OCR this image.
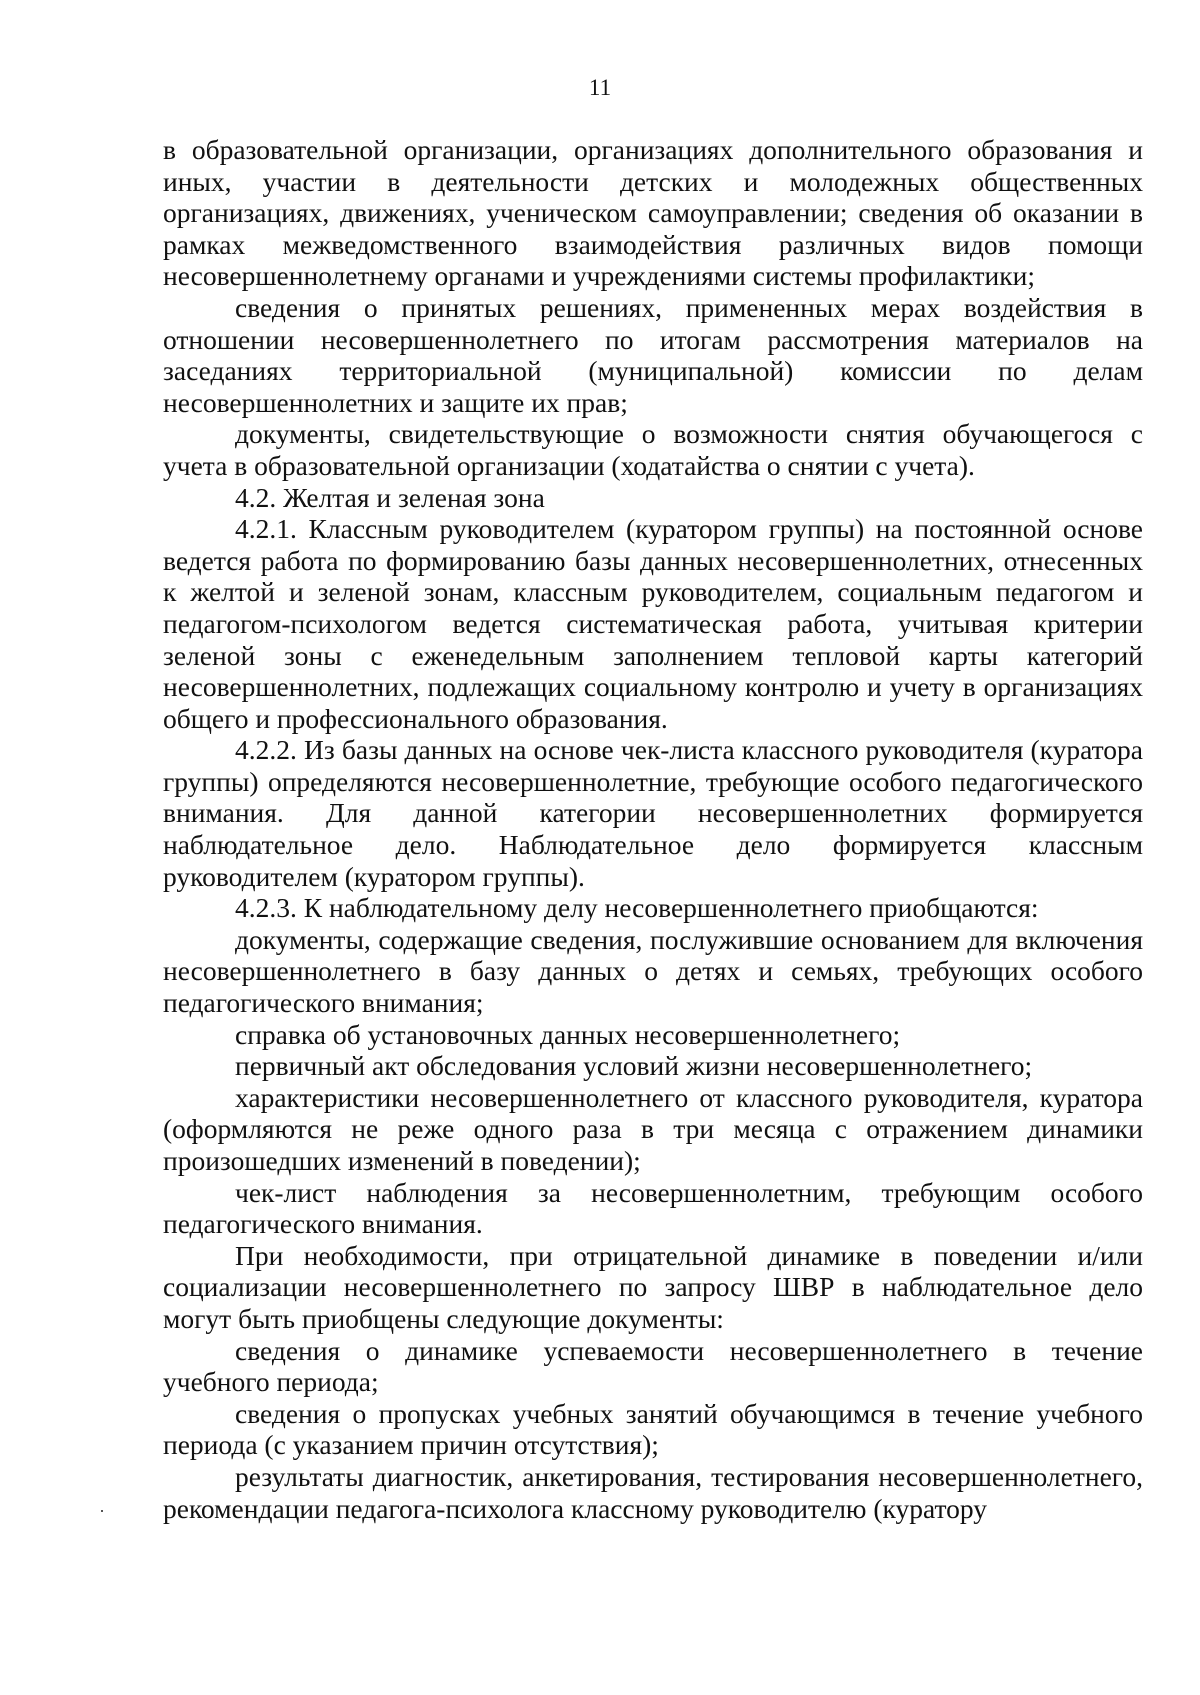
11

в образовательной организации, организациях дополнительного образования и иных, участии в деятельности детских и молодежных общественных организациях, движениях, ученическом самоуправлении; сведения об оказании в рамках межведомственного взаимодействия различных видов помощи несовершеннолетнему органами и учреждениями системы профилактики;

сведения о принятых решениях, примененных мерах воздействия в отношении несовершеннолетнего по итогам рассмотрения материалов на заседаниях территориальной (муниципальной) комиссии по делам несовершеннолетних и защите их прав;

документы, свидетельствующие о возможности снятия обучающегося с учета в образовательной организации (ходатайства о снятии с учета).

4.2. Желтая и зеленая зона

4.2.1. Классным руководителем (куратором группы) на постоянной основе ведется работа по формированию базы данных несовершеннолетних, отнесенных к желтой и зеленой зонам, классным руководителем, социальным педагогом и педагогом-психологом ведется систематическая работа, учитывая критерии зеленой зоны с еженедельным заполнением тепловой карты категорий несовершеннолетних, подлежащих социальному контролю и учету в организациях общего и профессионального образования.

4.2.2. Из базы данных на основе чек-листа классного руководителя (куратора группы) определяются несовершеннолетние, требующие особого педагогического внимания. Для данной категории несовершеннолетних формируется наблюдательное дело. Наблюдательное дело формируется классным руководителем (куратором группы).

4.2.3. К наблюдательному делу несовершеннолетнего приобщаются:

документы, содержащие сведения, послужившие основанием для включения несовершеннолетнего в базу данных о детях и семьях, требующих особого педагогического внимания;

справка об установочных данных несовершеннолетнего;

первичный акт обследования условий жизни несовершеннолетнего;

характеристики несовершеннолетнего от классного руководителя, куратора (оформляются не реже одного раза в три месяца с отражением динамики произошедших изменений в поведении);

чек-лист наблюдения за несовершеннолетним, требующим особого педагогического внимания.

При необходимости, при отрицательной динамике в поведении и/или социализации несовершеннолетнего по запросу ШВР в наблюдательное дело могут быть приобщены следующие документы:

сведения о динамике успеваемости несовершеннолетнего в течение учебного периода;

сведения о пропусках учебных занятий обучающимся в течение учебного периода (с указанием причин отсутствия);

результаты диагностик, анкетирования, тестирования несовершеннолетнего, рекомендации педагога-психолога классному руководителю (куратору
